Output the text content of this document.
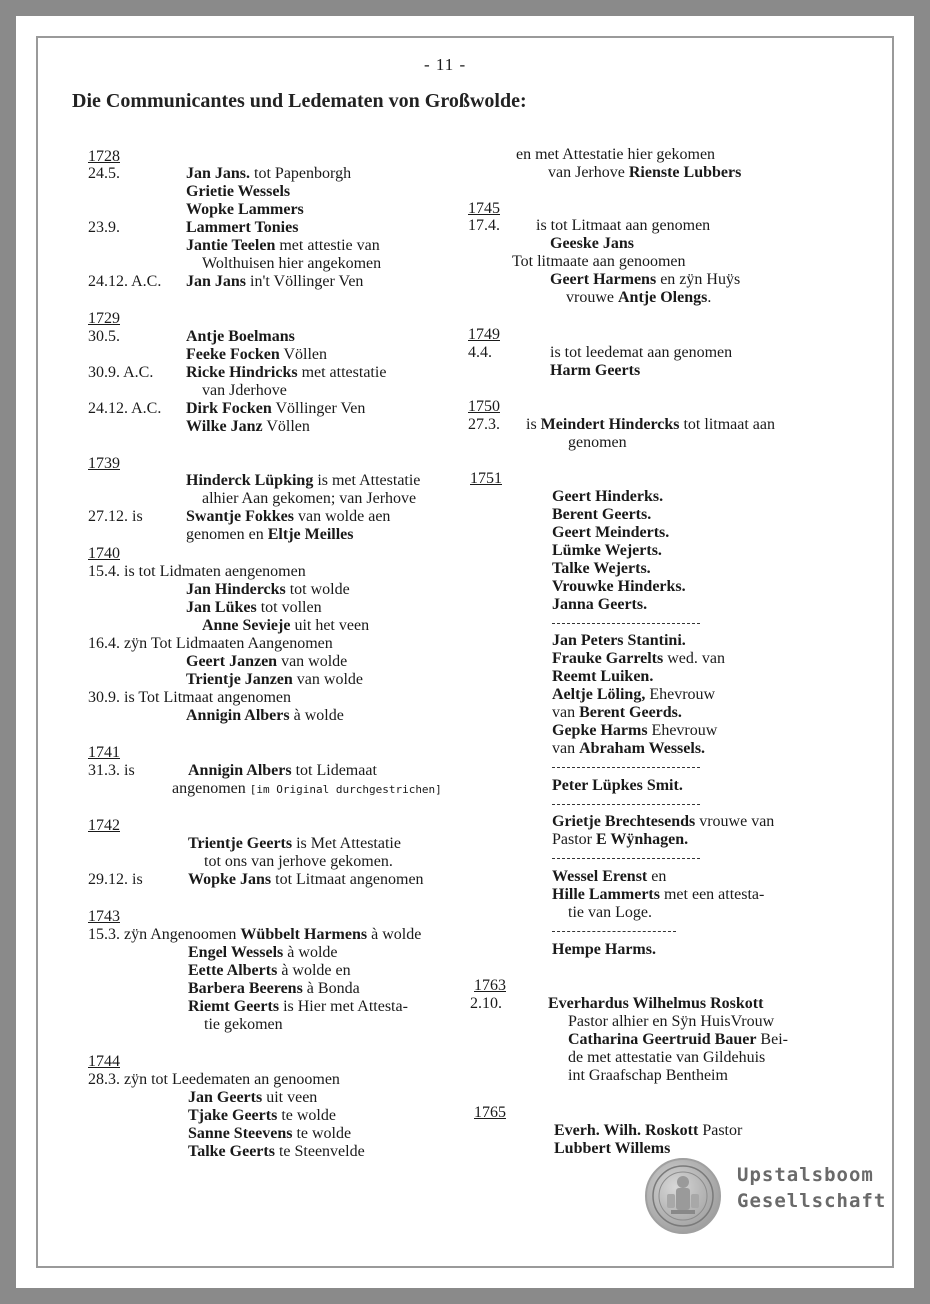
- 11 -
Die Communicantes und Ledematen von Großwolde:
1728
24.5.	Jan Jans. tot Papenborgh
Grietie Wessels
Wopke Lammers
23.9.	Lammert Tonies
Jantie Teelen met attestie van
Wolthuisen hier angekomen
24.12. A.C. Jan Jans in't Völlinger Ven
1729
30.5.	Antje Boelmans
Feeke Focken Völlen
30.9. A.C. Ricke Hindricks met attestatie
van Jderhove
24.12. A.C. Dirk Focken Völlinger Ven
Wilke Janz Völlen
1739
Hinderck Lüpking is met Attestatie
alhier Aan gekomen; van Jerhove
27.12. is	Swantje Fokkes van wolde aen
genomen en Eltje Meilles
1740
15.4. is tot Lidmaten aengenomen
Jan Hindercks tot wolde
Jan Lükes tot vollen
Anne Sevieje uit het veen
16.4. zÿn Tot Lidmaaten Aangenomen
Geert Janzen van wolde
Trientje Janzen van wolde
30.9. is Tot Litmaat angenomen
Annigin Albers à wolde
1741
31.3. is	Annigin Albers tot Lidemaat
angenomen [im Original durchgestrichen]
1742
Trientje Geerts is Met Attestatie
tot ons van jerhove gekomen.
29.12. is	Wopke Jans tot Litmaat angenomen
1743
15.3. zÿn Angenoomen Wübbelt Harmens à wolde
Engel Wessels à wolde
Eette Alberts à wolde en
Barbera Beerens à Bonda
Riemt Geerts is Hier met Attesta-
tie gekomen
1744
28.3. zÿn tot Leedematen an genoomen
Jan Geerts uit veen
Tjake Geerts te wolde
Sanne Steevens te wolde
Talke Geerts te Steenvelde
en met Attestatie hier gekomen
van Jerhove Rienste Lubbers
1745
17.4. is tot Litmaat aan genomen
Geeske Jans
Tot litmaate aan genoomen
Geert Harmens en zÿn Huÿs
vrouwe Antje Olengs.
1749
4.4.	is tot leedemat aan genomen
Harm Geerts
1750
27.3. is Meindert Hindercks tot litmaat aan
genomen
1751
Geert Hinderks.
Berent Geerts.
Geert Meinderts.
Lümke Wejerts.
Talke Wejerts.
Vrouwke Hinderks.
Janna Geerts.
Jan Peters Stantini.
Frauke Garrelts wed. van
Reemt Luiken.
Aeltje Löling, Ehevrouw
van Berent Geerds.
Gepke Harms Ehevrouw
van Abraham Wessels.
Peter Lüpkes Smit.
Grietje Brechtesends vrouwe van
Pastor E Wÿnhagen.
Wessel Erenst en
Hille Lammerts met een attesta-
tie van Loge.
Hempe Harms.
1763
2.10.	Everhardus Wilhelmus Roskott
Pastor alhier en Sÿn HuisVrouw
Catharina Geertruid Bauer Bei-
de met attestatie van Gildehuis
int Graafschap Bentheim
1765
Everh. Wilh. Roskott Pastor
Lubbert Willems
Upstalsboom
Gesellschaft
